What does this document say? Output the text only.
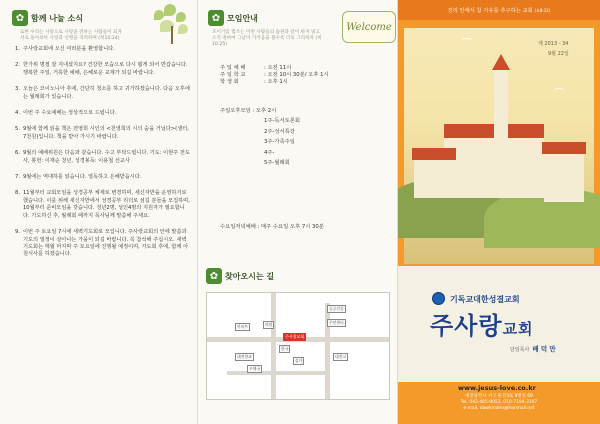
✿ 함께 나눌 소식
또한 우리는 사랑으로 사랑을 전하는 사람들이 되자
서로 돌아보아 사랑과 선행을 격려하며 (히10:24)
1. 주사랑교회에 오신 여러분을 환영합니다.
2. 한가위 명절 잘 지내셨지요? 건강한 모습으로 다시 뵙게 되어 반갑습니다. 행복한 주일, 거룩한 예배, 은혜로운 교제가 되길 바랍니다.
3. 오늘은 코이노니아 후에, 간단히 청소를 하고 귀가하겠습니다. 다음 오후에는 월례회가 있습니다.
4. 이번 주 수요예배는 정상적으로 드립니다.
5. 9월에 함께 읽을 책은 전영희 시인의 <천영희의 시의 숨을 거닐다>(샘터, 7천원)입니다. 책을 받아 가시기 바랍니다.
6. 9월의 예배위원은 다음과 같습니다. 수고 부탁드립니다. 기도: 이현주 전도사, 봉헌: 이재순 청년, 성경봉독: 이용철 선교사
7. 9월에는 역대하를 읽습니다. 열독하고 은혜받읍시다.
8. 11월부터 교회모임을 성경공부 체제로 변경하며, 새신자반을 운영하기로 했습니다. 이를 위해 새신자반에서 성경공부 리더로 섬길 분들을 모집하며, 10월부터 준비모임을 갖습니다. 청년2명, 성인4명의 지원자가 필요합니다. 기도하신 후, 월례회 때까지 목사님께 말씀해 주세요.
9. 이번 주 토요일 7시에 새벽기도회로 모입니다. 주사랑교회의 안에 말씀과 기도의 열정이 살아나는 가을이 되길 바랍니다. 꼭 참석해 주십시오. 새벽기도회는 매월 마지막 주 토요일에 진행될 예정이며, 기도회 후에, 함께 아침식사를 하겠습니다.
✿ 모임안내
모이기를 힘쓰는 어떤 사람들의 습관과 같이 하지 말고
오직 권하여 그날이 가까움을 볼수록 더욱 그리하자 (히10:25)
Welcome
주 일 예 배	: 오전 11시
주 일 학 교	: 오전 10시 30분/ 오후 1시
학 생 회	: 오후 1시
주일오후모임 : 오후 2시
1주-독서토론회
2주-성서특강
3주-가족주일
4주-
5주-월례회
수요일저녁예배 : 매주 수요일 오후 7시 30분
✿ 찾아오시는 길
공공건물
주민센터
아파트	의원
한국
주사랑교회
대전향교
우체국
상가
대전고
진리 안에서 참 자유를 추구하는 교회 (요8:32)
제 2013 - 34
9월 22일
기독교대한성결교회
주사랑교회
담임목사 배 덕 만
www.jesus-love.co.kr
대전광역시 서구 둔산3로 9번길 69
Tel. 042-485-0052, 010-7194-3107
e-mail. dawkmahn@hanmail.net
